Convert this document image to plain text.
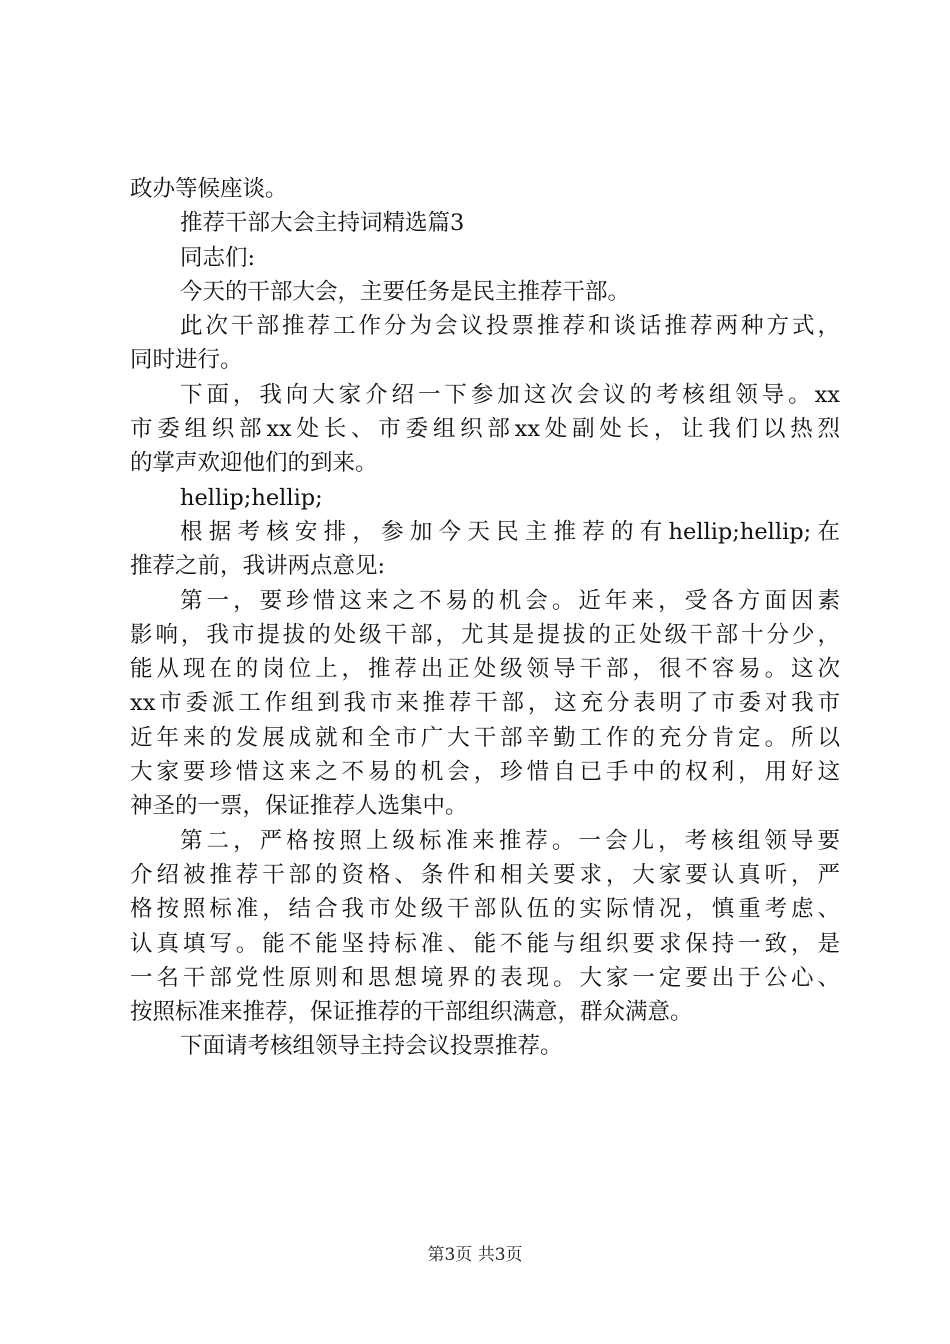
政办等候座谈。
推荐干部大会主持词精选篇3
同志们:
今天的干部大会，主要任务是民主推荐干部。
此次干部推荐工作分为会议投票推荐和谈话推荐两种方式，
同时进行。
下面，我向大家介绍一下参加这次会议的考核组领导。xx
市委组织部xx处长、市委组织部xx处副处长，让我们以热烈
的掌声欢迎他们的到来。
hellip;hellip;
根据考核安排，参加今天民主推荐的有hellip;hellip;在
推荐之前，我讲两点意见:
第一，要珍惜这来之不易的机会。近年来，受各方面因素
影响，我市提拔的处级干部，尤其是提拔的正处级干部十分少，
能从现在的岗位上，推荐出正处级领导干部，很不容易。这次
xx市委派工作组到我市来推荐干部，这充分表明了市委对我市
近年来的发展成就和全市广大干部辛勤工作的充分肯定。所以
大家要珍惜这来之不易的机会，珍惜自已手中的权利，用好这
神圣的一票，保证推荐人选集中。
第二，严格按照上级标准来推荐。一会儿，考核组领导要
介绍被推荐干部的资格、条件和相关要求，大家要认真听，严
格按照标准，结合我市处级干部队伍的实际情况，慎重考虑、
认真填写。能不能坚持标准、能不能与组织要求保持一致，是
一名干部党性原则和思想境界的表现。大家一定要出于公心、
按照标准来推荐，保证推荐的干部组织满意，群众满意。
下面请考核组领导主持会议投票推荐。
第3页 共3页
